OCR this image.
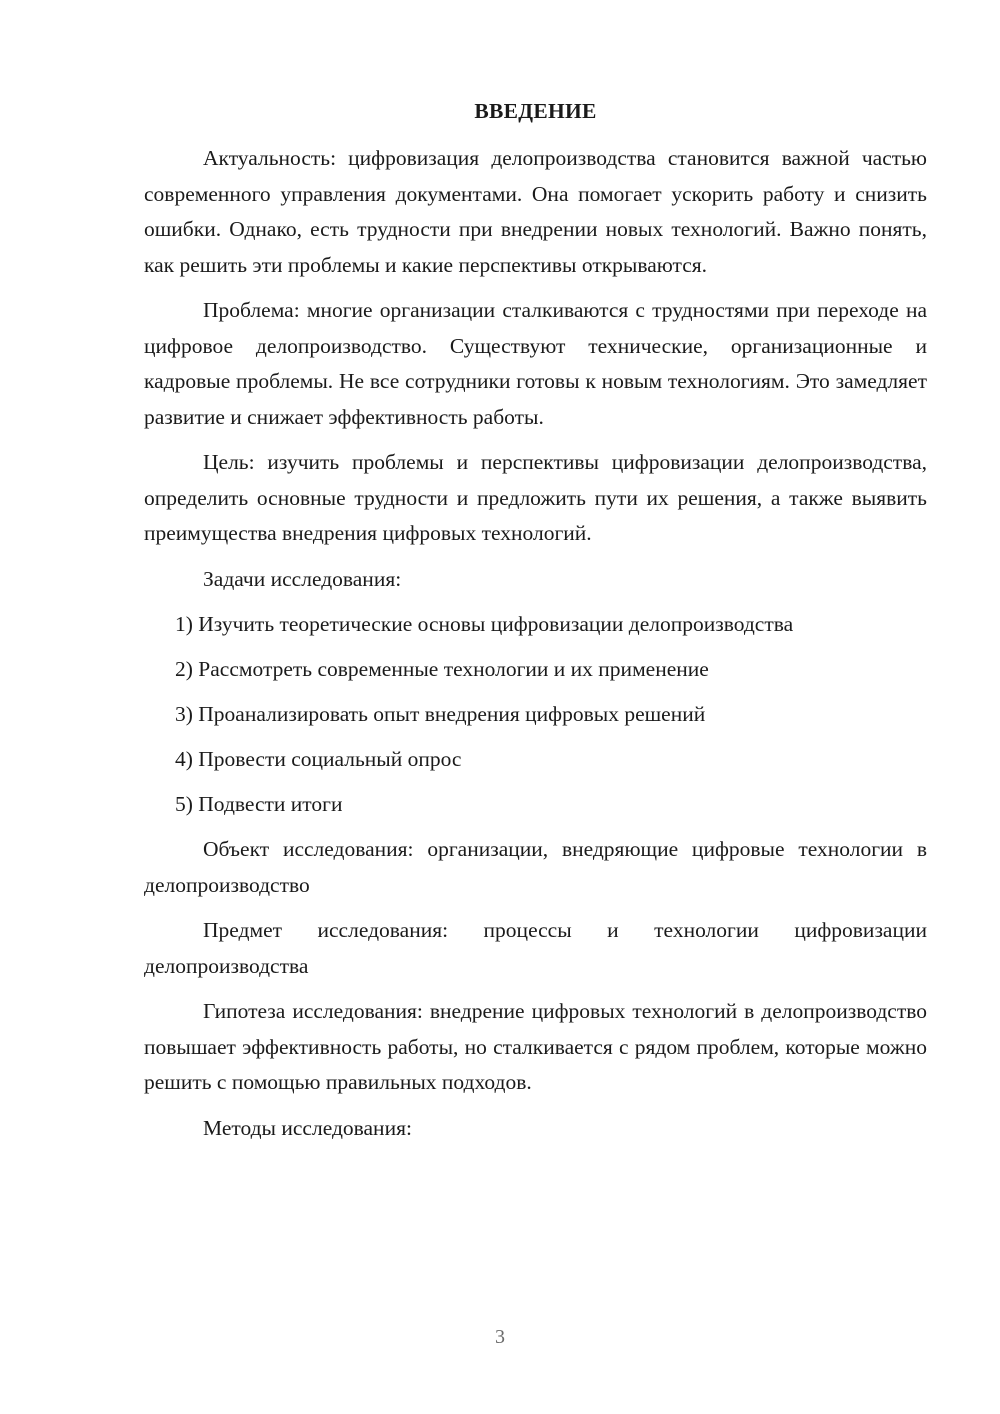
ВВЕДЕНИЕ

Актуальность: цифровизация делопроизводства становится важной частью современного управления документами. Она помогает ускорить работу и снизить ошибки. Однако, есть трудности при внедрении новых технологий. Важно понять, как решить эти проблемы и какие перспективы открываются.

Проблема: многие организации сталкиваются с трудностями при переходе на цифровое делопроизводство. Существуют технические, организационные и кадровые проблемы. Не все сотрудники готовы к новым технологиям. Это замедляет развитие и снижает эффективность работы.

Цель: изучить проблемы и перспективы цифровизации делопроизводства, определить основные трудности и предложить пути их решения, а также выявить преимущества внедрения цифровых технологий.

Задачи исследования:

1) Изучить теоретические основы цифровизации делопроизводства
2) Рассмотреть современные технологии и их применение
3) Проанализировать опыт внедрения цифровых решений
4) Провести социальный опрос
5) Подвести итоги

Объект исследования: организации, внедряющие цифровые технологии в делопроизводство

Предмет исследования: процессы и технологии цифровизации делопроизводства

Гипотеза исследования: внедрение цифровых технологий в делопроизводство повышает эффективность работы, но сталкивается с рядом проблем, которые можно решить с помощью правильных подходов.

Методы исследования:

3
